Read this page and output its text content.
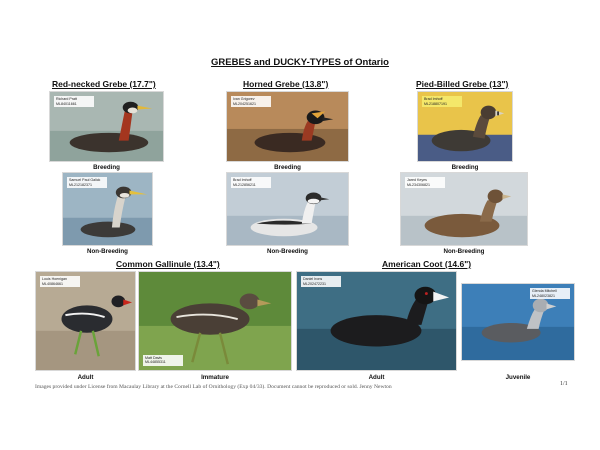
GREBES and DUCKY-TYPES of Ontario
Red-necked Grebe (17.7")	Horned Grebe (13.8")	Pied-Billed Grebe (13")
Common Gallinule (13.4")	American Coot (14.6")
Richard Pratt ML84011661
Breeding
Ivan Grigorev ML204251621
Breeding
Brad Imhoff ML218807191
Breeding
Samuel Paul Galick ML212182371
Non-Breeding
Brad Imhoff ML212856211
Non-Breeding
Jared Keyes ML234306821
Non-Breeding
Louis Hoenigan ML40864661
Adult
Matt Davis ML44855311
Immature
Daniel Irons ML202472231
Adult
Glenda Mitchell ML248023821
Juvenile
Images provided under License from Macaulay Library at the Cornell Lab of Ornithology (Exp 04/33). Document cannot be reproduced or sold. Jenny Newton	1/1
